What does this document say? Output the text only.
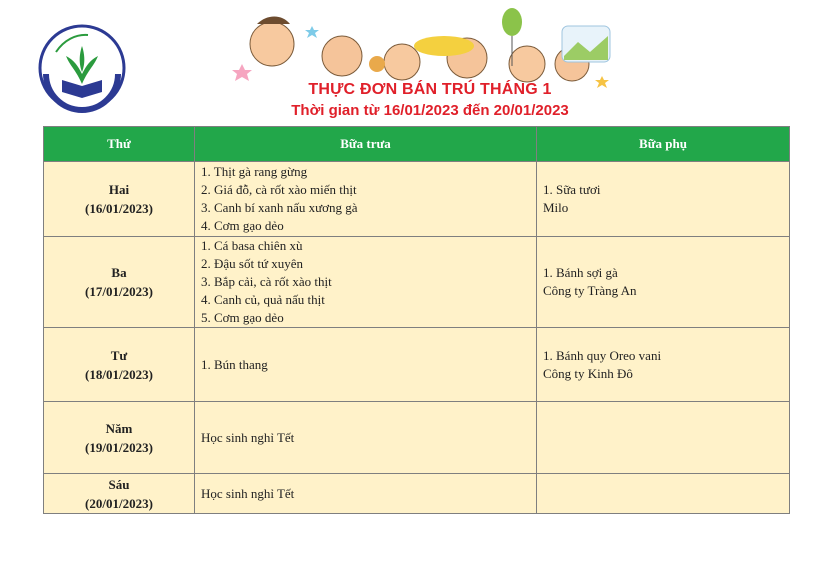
THỰC ĐƠN BÁN TRÚ THÁNG 1
Thời gian từ 16/01/2023 đến 20/01/2023
Thứ	Bữa trưa	Bữa phụ

Hai
(16/01/2023)	1. Thịt gà rang gừng
2. Giá đỗ, cà rốt xào miến thịt
3. Canh bí xanh nấu xương gà
4. Cơm gạo dẻo	1. Sữa tươi
Milo

Ba
(17/01/2023)	1. Cá basa chiên xù
2. Đậu sốt tứ xuyên
3. Bắp cải, cà rốt xào thịt
4. Canh củ, quả nấu thịt
5. Cơm gạo dẻo	1. Bánh sợi gà
Công ty Tràng An

Tư
(18/01/2023)	1. Bún thang	1. Bánh quy Oreo vani
Công ty Kinh Đô

Năm
(19/01/2023)	Học sinh nghỉ Tết	

Sáu
(20/01/2023)	Học sinh nghỉ Tết	
